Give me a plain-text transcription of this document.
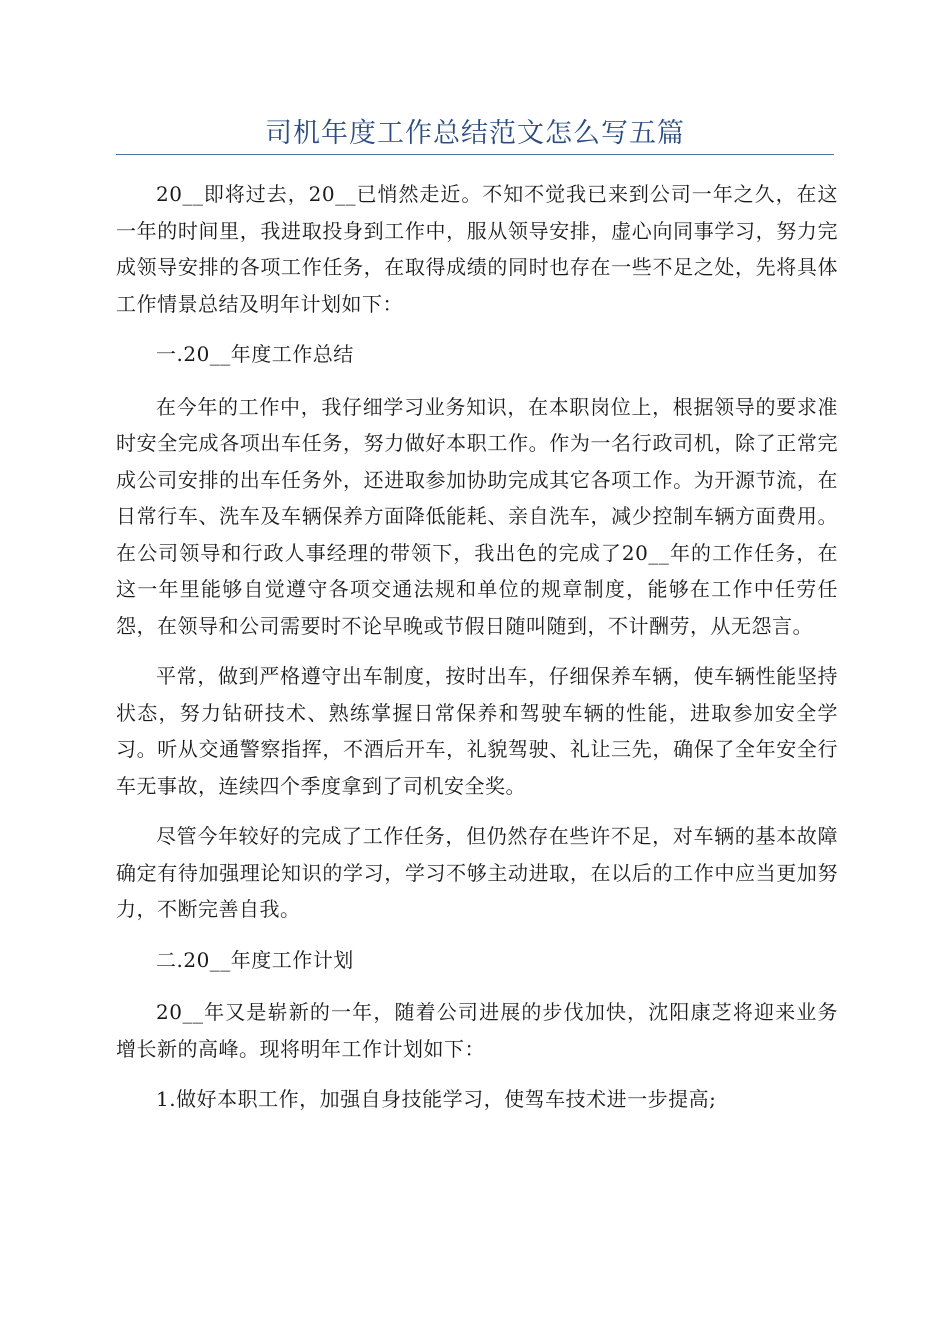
司机年度工作总结范文怎么写五篇

20__即将过去，20__已悄然走近。不知不觉我已来到公司一年之久，在这一年的时间里，我进取投身到工作中，服从领导安排，虚心向同事学习，努力完成领导安排的各项工作任务，在取得成绩的同时也存在一些不足之处，先将具体工作情景总结及明年计划如下：

一.20__年度工作总结

在今年的工作中，我仔细学习业务知识，在本职岗位上，根据领导的要求准时安全完成各项出车任务，努力做好本职工作。作为一名行政司机，除了正常完成公司安排的出车任务外，还进取参加协助完成其它各项工作。为开源节流，在日常行车、洗车及车辆保养方面降低能耗、亲自洗车，减少控制车辆方面费用。在公司领导和行政人事经理的带领下，我出色的完成了20__年的工作任务，在这一年里能够自觉遵守各项交通法规和单位的规章制度，能够在工作中任劳任怨，在领导和公司需要时不论早晚或节假日随叫随到，不计酬劳，从无怨言。

平常，做到严格遵守出车制度，按时出车，仔细保养车辆，使车辆性能坚持状态，努力钻研技术、熟练掌握日常保养和驾驶车辆的性能，进取参加安全学习。听从交通警察指挥，不酒后开车，礼貌驾驶、礼让三先，确保了全年安全行车无事故，连续四个季度拿到了司机安全奖。

尽管今年较好的完成了工作任务，但仍然存在些许不足，对车辆的基本故障确定有待加强理论知识的学习，学习不够主动进取，在以后的工作中应当更加努力，不断完善自我。

二.20__年度工作计划

20__年又是崭新的一年，随着公司进展的步伐加快，沈阳康芝将迎来业务增长新的高峰。现将明年工作计划如下：

1.做好本职工作，加强自身技能学习，使驾车技术进一步提高;
